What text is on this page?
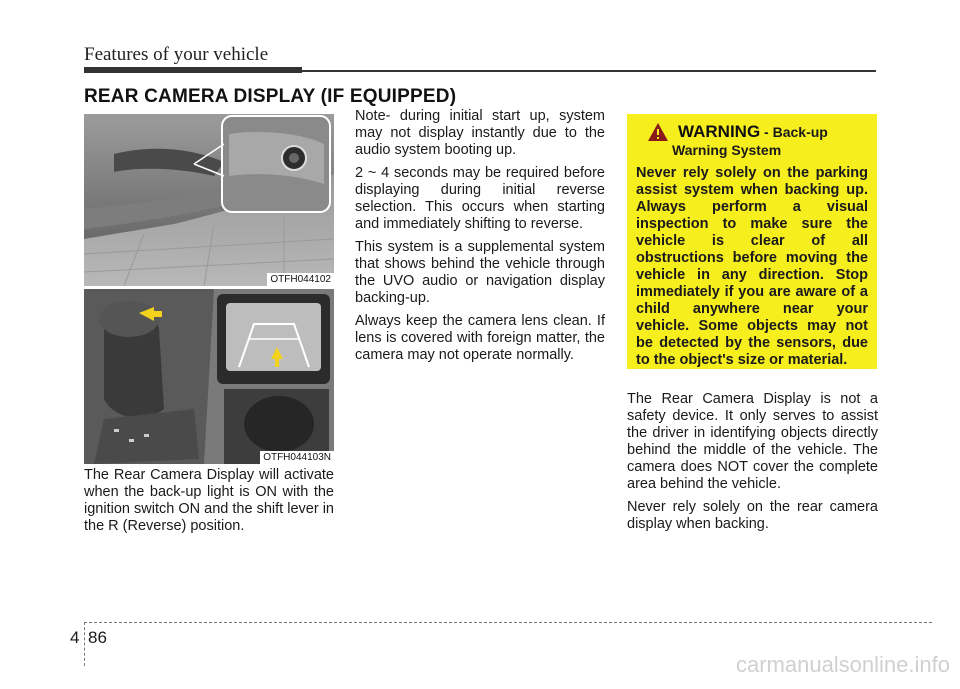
Features of your vehicle
REAR CAMERA DISPLAY (IF EQUIPPED)
OTFH044102
OTFH044103N

The Rear Camera Display will activate when the back-up light is ON with the ignition switch ON and the shift lever in the R (Reverse) position.

Note- during initial start up, system may not display instantly due to the audio system booting up.

2 ~ 4 seconds may be required before displaying during initial reverse selection. This occurs when starting and immediately shifting to reverse.

This system is a supplemental system that shows behind the vehicle through the UVO audio or navigation display backing-up.

Always keep the camera lens clean. If lens is covered with foreign matter, the camera may not operate normally.

WARNING - Back-up
Warning System
Never rely solely on the parking assist system when backing up. Always perform a visual inspection to make sure the vehicle is clear of all obstructions before moving the vehicle in any direction. Stop immediately if you are aware of a child anywhere near your vehicle. Some objects may not be detected by the sensors, due to the object's size or material.

The Rear Camera Display is not a safety device. It only serves to assist the driver in identifying objects directly behind the middle of the vehicle. The camera does NOT cover the complete area behind the vehicle.

Never rely solely on the rear camera display when backing.

4 86
carmanualsonline.info
